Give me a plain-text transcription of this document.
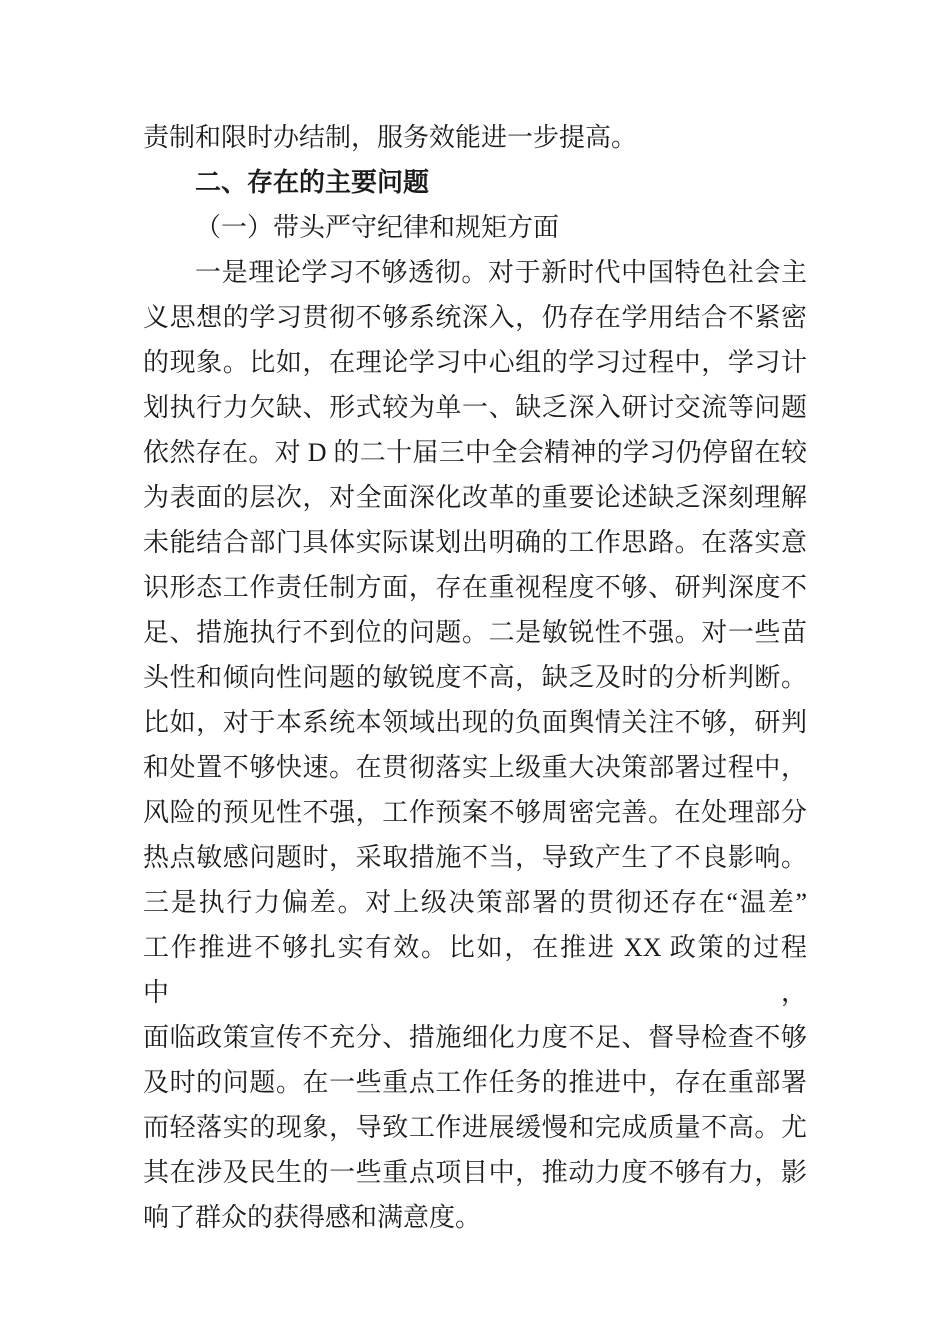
责制和限时办结制，服务效能进一步提高。
二、存在的主要问题
（一）带头严守纪律和规矩方面
一是理论学习不够透彻。对于新时代中国特色社会主
义思想的学习贯彻不够系统深入，仍存在学用结合不紧密
的现象。比如，在理论学习中心组的学习过程中，学习计
划执行力欠缺、形式较为单一、缺乏深入研讨交流等问题
依然存在。对 D 的二十届三中全会精神的学习仍停留在较
为表面的层次，对全面深化改革的重要论述缺乏深刻理解
未能结合部门具体实际谋划出明确的工作思路。在落实意
识形态工作责任制方面，存在重视程度不够、研判深度不
足、措施执行不到位的问题。二是敏锐性不强。对一些苗
头性和倾向性问题的敏锐度不高，缺乏及时的分析判断。
比如，对于本系统本领域出现的负面舆情关注不够，研判
和处置不够快速。在贯彻落实上级重大决策部署过程中，
风险的预见性不强，工作预案不够周密完善。在处理部分
热点敏感问题时，采取措施不当，导致产生了不良影响。
三是执行力偏差。对上级决策部署的贯彻还存在“温差”
工作推进不够扎实有效。比如，在推进 XX 政策的过程中，
面临政策宣传不充分、措施细化力度不足、督导检查不够
及时的问题。在一些重点工作任务的推进中，存在重部署
而轻落实的现象，导致工作进展缓慢和完成质量不高。尤
其在涉及民生的一些重点项目中，推动力度不够有力，影
响了群众的获得感和满意度。
